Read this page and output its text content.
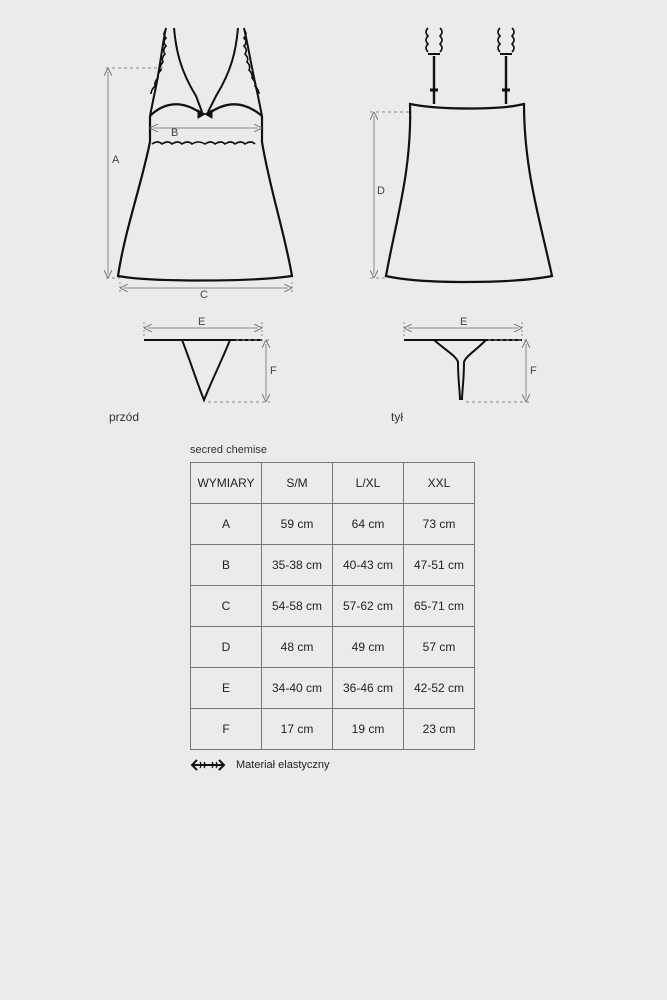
A
B
C
D
E
F
E
F
przód	tył
secred chemise
WYMIARY	S/M	L/XL	XXL
A	59 cm	64 cm	73 cm
B	35-38 cm	40-43 cm	47-51 cm
C	54-58 cm	57-62 cm	65-71 cm
D	48 cm	49 cm	57 cm
E	34-40 cm	36-46 cm	42-52 cm
F	17 cm	19 cm	23 cm
Materiał elastyczny
